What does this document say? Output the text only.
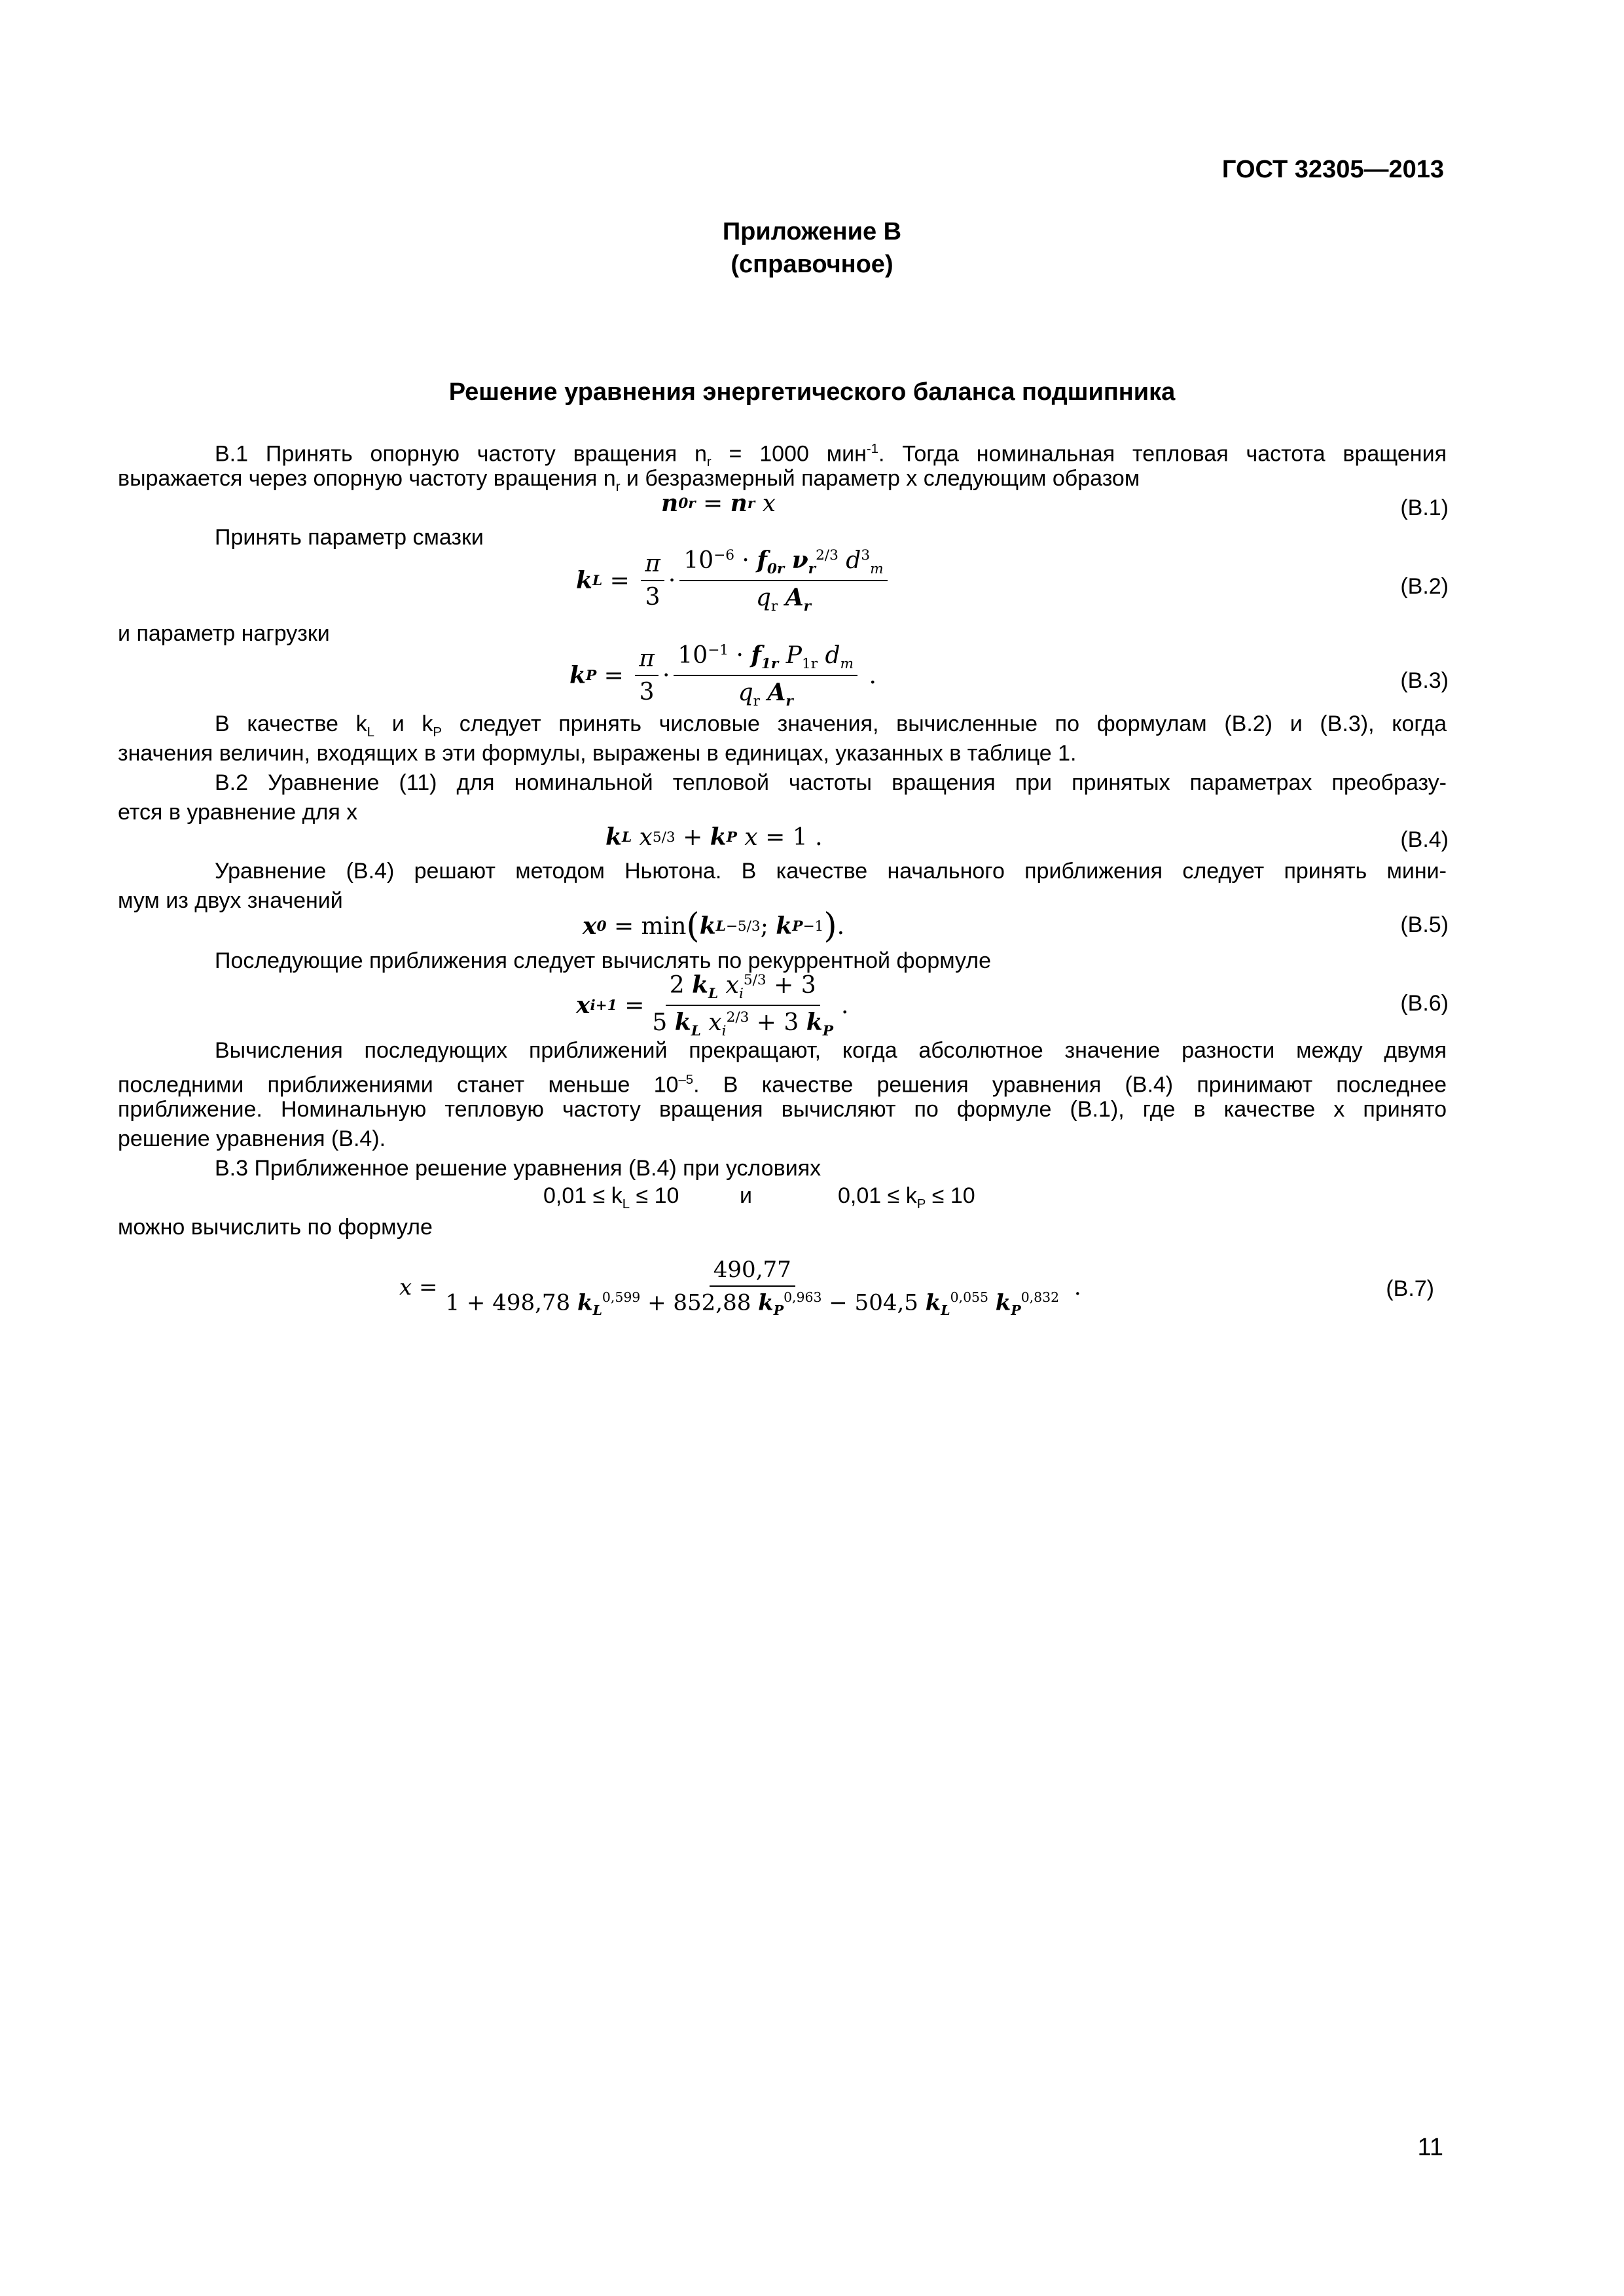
ГОСТ 32305—2013
Приложение В
(справочное)
Решение уравнения энергетического баланса подшипника
В.1 Принять опорную частоту вращения $n_r = 1000$ мин$^{-1}$. Тогда номинальная тепловая частота вращения
выражается через опорную частоту вращения $n_r$ и безразмерный параметр x следующим образом
n 0r = n r
x	(В.1)
Принять параметр смазки
k $L = \frac{\pi}{3} \cdot \frac{10^{-6} \cdot f_{0r} \nu_r^{2/3} d^3_m}{q_r A_r}$	(В.2)
и параметр нагрузки
k $P = \frac{\pi}{3} \cdot \frac{10^{-1} \cdot f_{1r} P_{1r} d_m}{q_r A_r}$ .	(В.3)
В качестве $k_L$ и $k_P$ следует принять числовые значения, вычисленные по формулам (В.2) и (В.3), когда
значения величин, входящих в эти формулы, выражены в единицах, указанных в таблице 1.
В.2 Уравнение (11) для номинальной тепловой частоты вращения при принятых параметрах преобразу-
ется в уравнение для x
k L
x 5/3 + k P
x = 1 .	(В.4)
Уравнение (В.4) решают методом Ньютона. В качестве начального приближения следует принять мини-
мум из двух значений
x 0 = min ( k L −5/3 ; k P −1 ) .	(В.5)
Последующие приближения следует вычислять по рекуррентной формуле
x $i+1 = \frac{2 k_L x_i^{5/3} + 3}{5 k_L x_i^{2/3} + 3 k_P}$ .	(В.6)
Вычисления последующих приближений прекращают, когда абсолютное значение разности между двумя
последними приближениями станет меньше $10^{-5}$. В качестве решения уравнения (В.4) принимают последнее
приближение. Номинальную тепловую частоту вращения вычисляют по формуле (В.1), где в качестве x принято
решение уравнения (В.4).
В.3 Приближенное решение уравнения (В.4) при условиях
$0,01 \le k_L \le 10$	и	$0,01 \le k_P \le 10$
можно вычислить по формуле
$x = \frac{490,77}{1 + 498,78 k_L^{0,599} + 852,88 k_P^{0,963} - 504,5 k_L^{0,055} k_P^{0,832}}$ .	(В.7)
11
